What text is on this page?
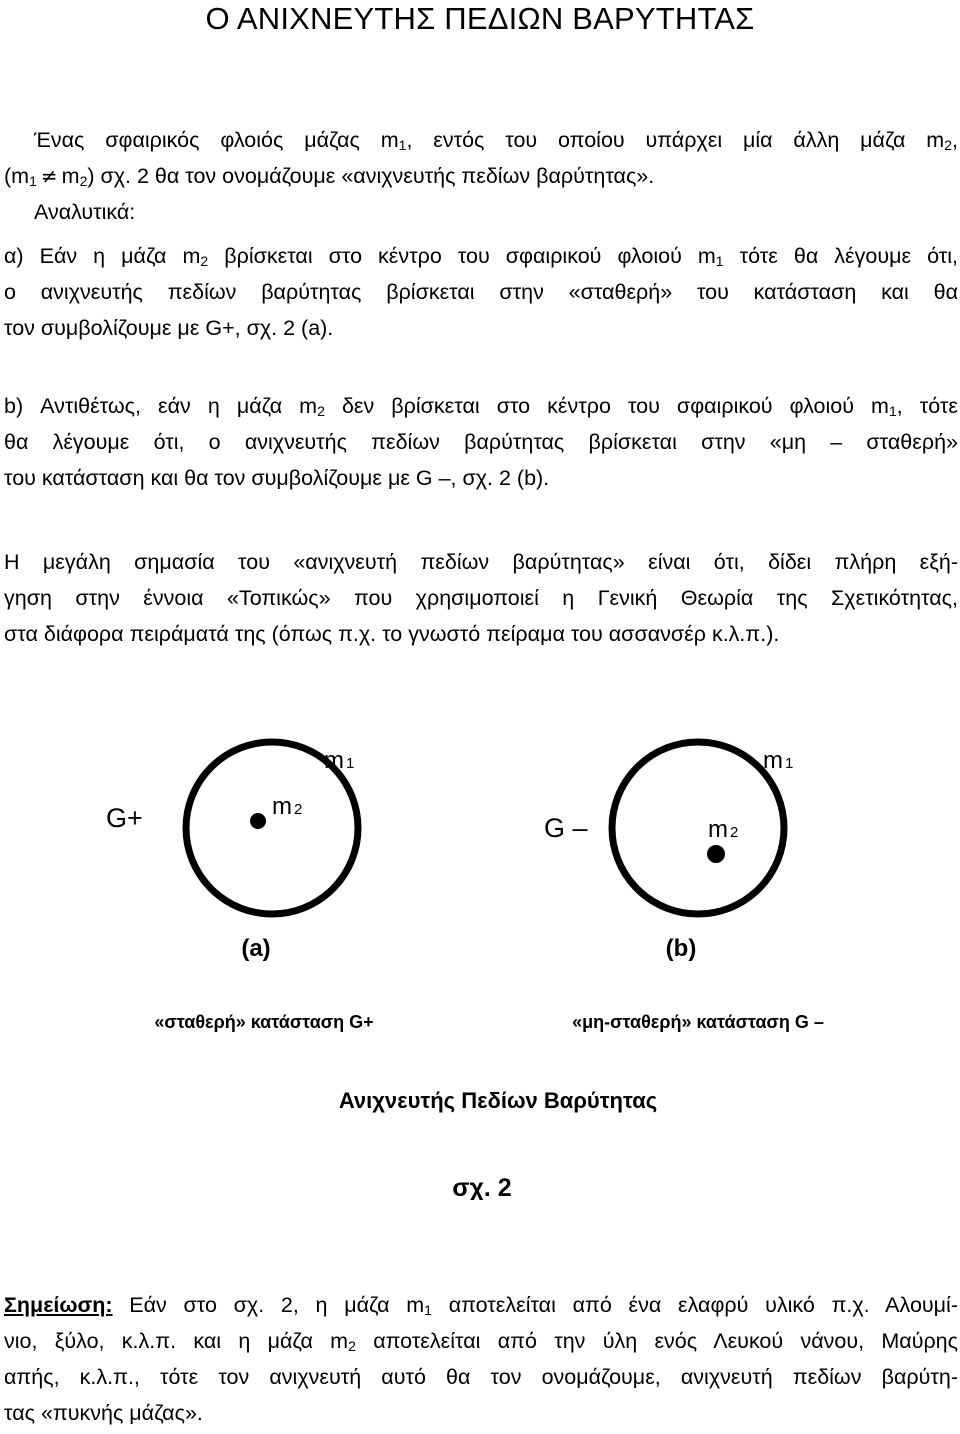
Ο ΑΝΙΧΝΕΥΤΗΣ ΠΕΔΙΩΝ ΒΑΡΥΤΗΤΑΣ
Ένας σφαιρικός φλοιός μάζας $m_1$, εντός του οποίου υπάρχει μία άλλη μάζα $m_2$,
$(m_1 \ne m_2)$ σχ. 2 θα τον ονομάζουμε «ανιχνευτής πεδίων βαρύτητας».
Αναλυτικά:
α) Εάν η μάζα $m_2$ βρίσκεται στο κέντρο του σφαιρικού φλοιού $m_1$ τότε θα λέγουμε ότι,
ο ανιχνευτής πεδίων βαρύτητας βρίσκεται στην «σταθερή» του κατάσταση και θα
τον συμβολίζουμε με G+, σχ. 2 (a).
b) Αντιθέτως, εάν η μάζα $m_2$ δεν βρίσκεται στο κέντρο του σφαιρικού φλοιού $m_1$, τότε
θα λέγουμε ότι, ο ανιχνευτής πεδίων βαρύτητας βρίσκεται στην «μη – σταθερή»
του κατάσταση και θα τον συμβολίζουμε με G –, σχ. 2 (b).
Η μεγάλη σημασία του «ανιχνευτή πεδίων βαρύτητας» είναι ότι, δίδει πλήρη εξή-
γηση στην έννοια «Τοπικώς» που χρησιμοποιεί η Γενική Θεωρία της Σχετικότητας,
στα διάφορα πειράματά της (όπως π.χ. το γνωστό πείραμα του ασσανσέρ κ.λ.π.).
G+
m 1
m 2
(a)
«σταθερή» κατάσταση G+
G –
m 1
m 2
(b)
«μη-σταθερή» κατάσταση G –
Ανιχνευτής Πεδίων Βαρύτητας
σχ. 2
Σημείωση: Εάν στο σχ. 2, η μάζα $m_1$ αποτελείται από ένα ελαφρύ υλικό π.χ. Αλουμί-
νιο, ξύλο, κ.λ.π. και η μάζα $m_2$ αποτελείται από την ύλη ενός Λευκού νάνου, Μαύρης
απής, κ.λ.π., τότε τον ανιχνευτή αυτό θα τον ονομάζουμε, ανιχνευτή πεδίων βαρύτη-
τας «πυκνής μάζας».
